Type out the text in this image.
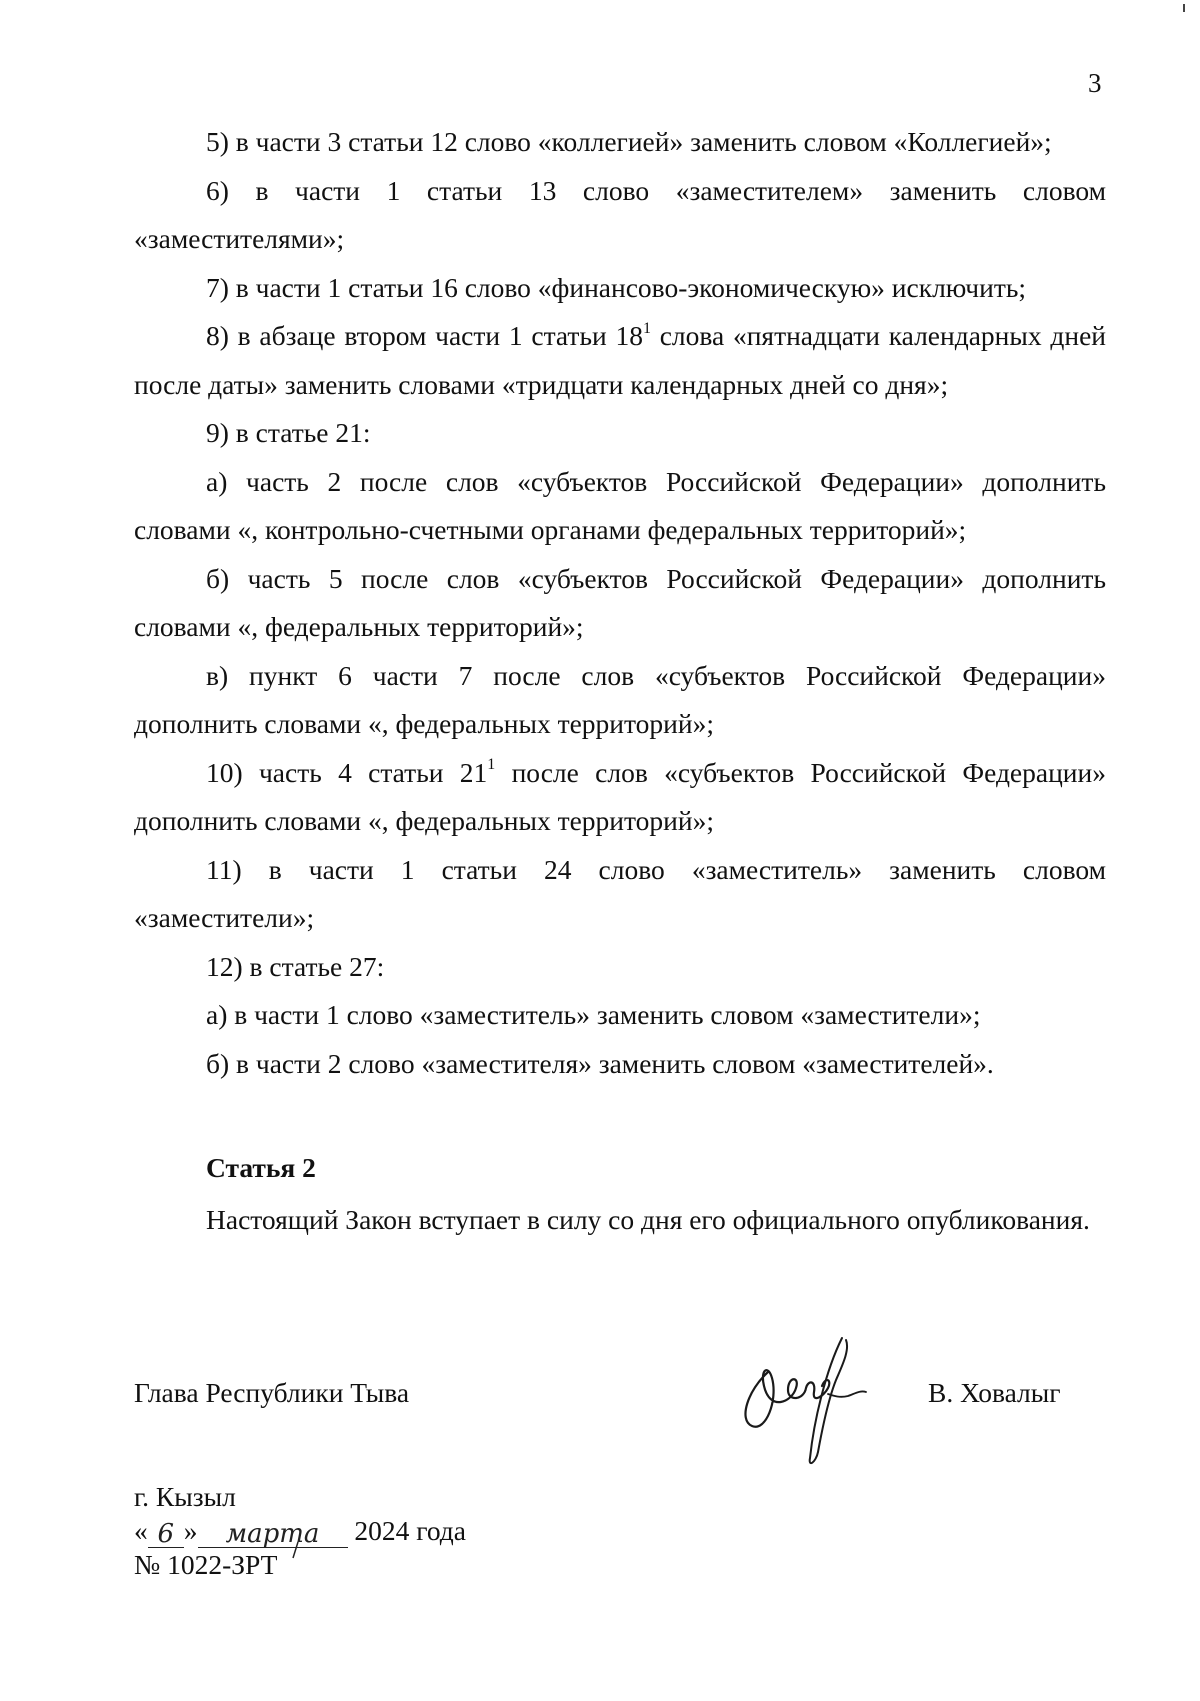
3

5) в части 3 статьи 12 слово «коллегией» заменить словом «Коллегией»;

6) в части 1 статьи 13 слово «заместителем» заменить словом «заместителями»;

7) в части 1 статьи 16 слово «финансово-экономическую» исключить;

8) в абзаце втором части 1 статьи $18^1$ слова «пятнадцати календарных дней после даты» заменить словами «тридцати календарных дней со дня»;

9) в статье 21:

а) часть 2 после слов «субъектов Российской Федерации» дополнить словами «, контрольно-счетными органами федеральных территорий»;

б) часть 5 после слов «субъектов Российской Федерации» дополнить словами «, федеральных территорий»;

в) пункт 6 части 7 после слов «субъектов Российской Федерации» дополнить словами «, федеральных территорий»;

10) часть 4 статьи $21^1$ после слов «субъектов Российской Федерации» дополнить словами «, федеральных территорий»;

11) в части 1 статьи 24 слово «заместитель» заменить словом «заместители»;

12) в статье 27:

а) в части 1 слово «заместитель» заменить словом «заместители»;

б) в части 2 слово «заместителя» заменить словом «заместителей».

Статья 2

Настоящий Закон вступает в силу со дня его официального опубликования.

Глава Республики Тыва	В. Ховалыг
г. Кызыл
« 6 » марта 2024 года
№ 1022-ЗРТ
